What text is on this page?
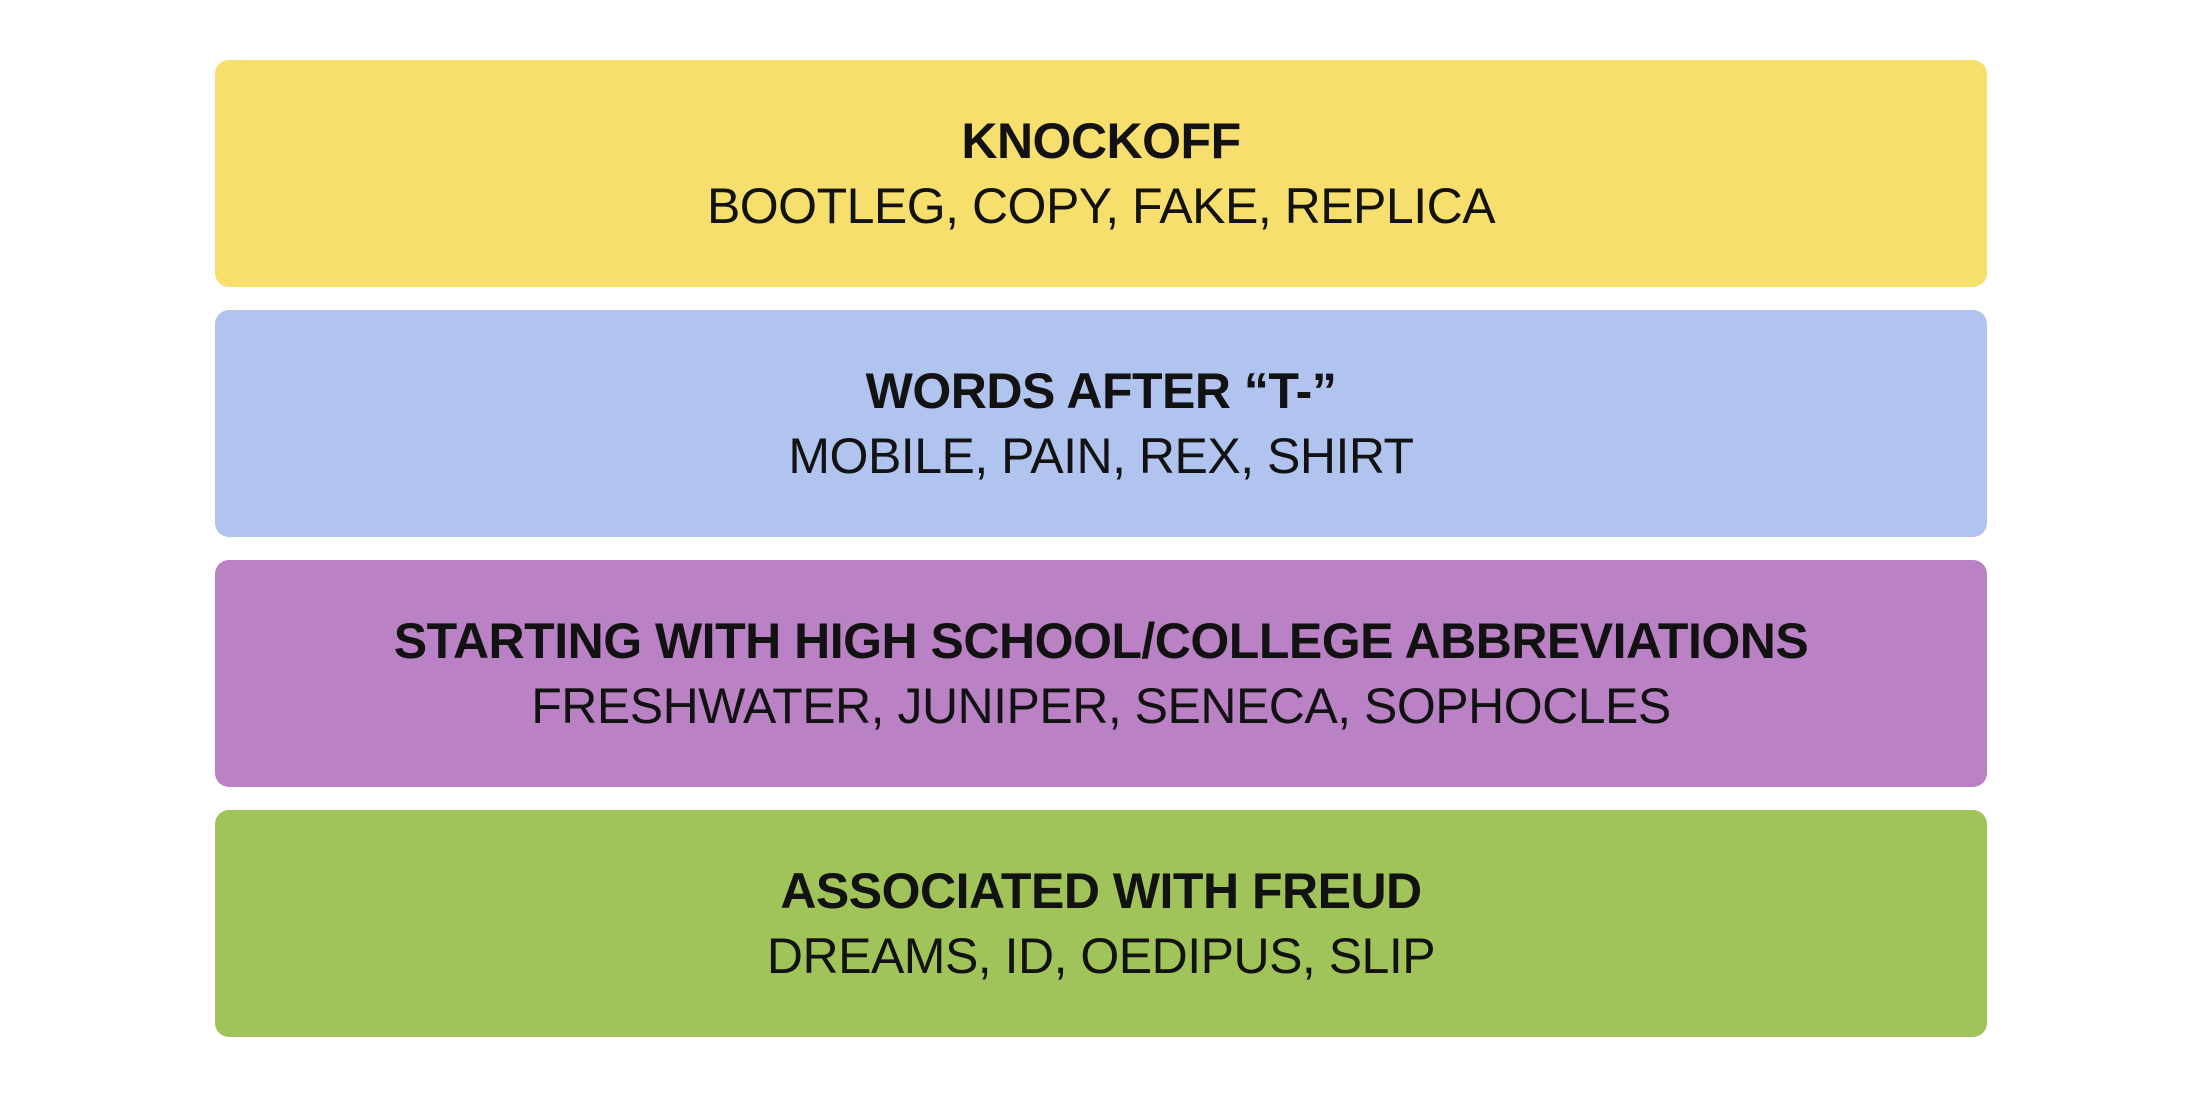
KNOCKOFF
BOOTLEG, COPY, FAKE, REPLICA
WORDS AFTER “T-”
MOBILE, PAIN, REX, SHIRT
STARTING WITH HIGH SCHOOL/COLLEGE ABBREVIATIONS
FRESHWATER, JUNIPER, SENECA, SOPHOCLES
ASSOCIATED WITH FREUD
DREAMS, ID, OEDIPUS, SLIP
